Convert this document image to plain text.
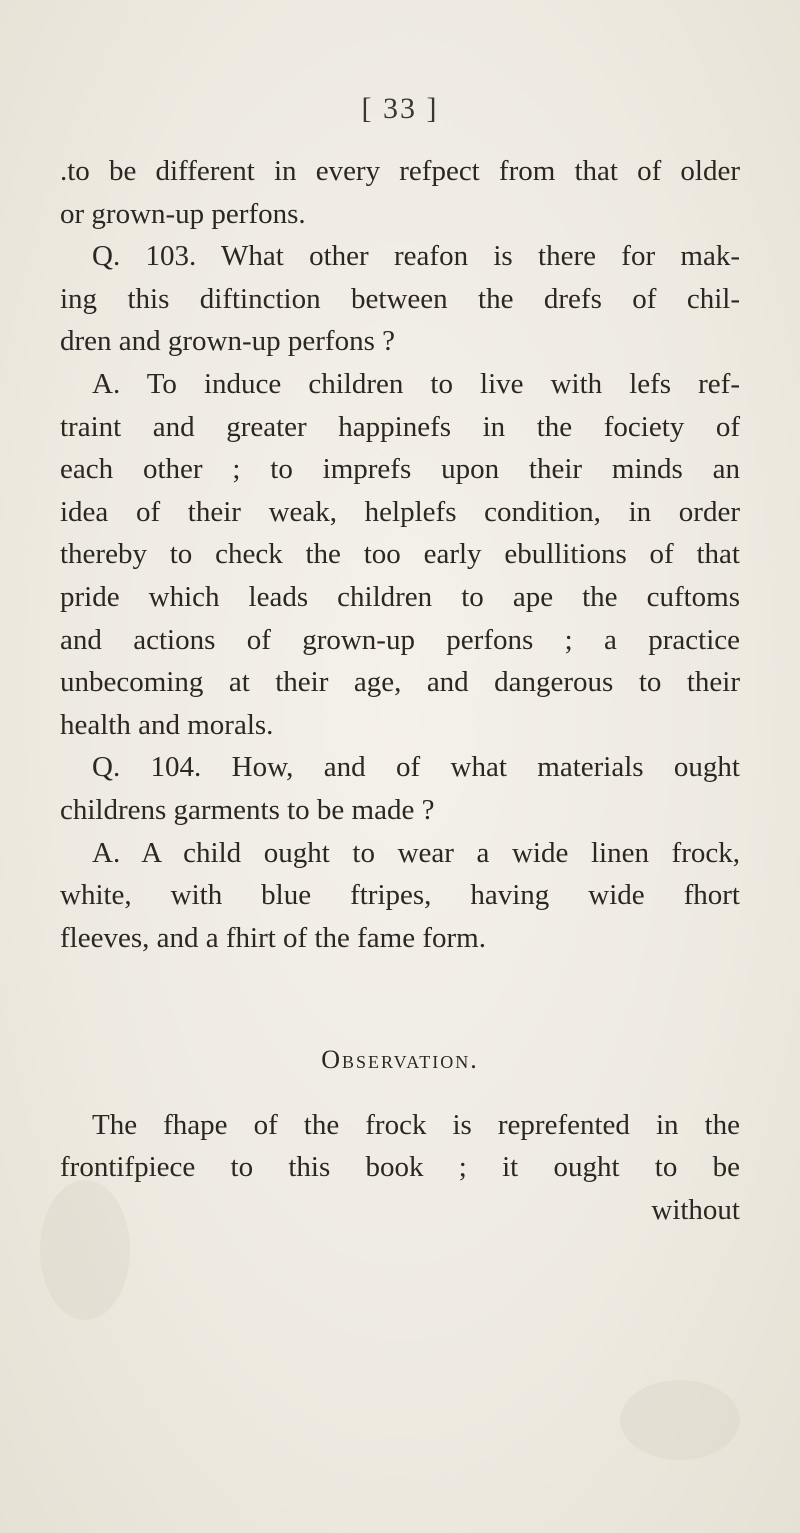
[ 33 ]
.to be different in every refpect from that of older
or grown-up perfons.
Q. 103. What other reafon is there for mak-
ing this diftinction between the drefs of chil-
dren and grown-up perfons ?
A. To induce children to live with lefs ref-
traint and greater happinefs in the fociety of
each other ; to imprefs upon their minds an
idea of their weak, helplefs condition, in order
thereby to check the too early ebullitions of that
pride which leads children to ape the cuftoms
and actions of grown-up perfons ; a practice
unbecoming at their age, and dangerous to their
health and morals.
Q. 104. How, and of what materials ought
childrens garments to be made ?
A. A child ought to wear a wide linen frock,
white, with blue ftripes, having wide fhort
fleeves, and a fhirt of the fame form.
Observation.
The fhape of the frock is reprefented in the
frontifpiece to this book ; it ought to be
without
